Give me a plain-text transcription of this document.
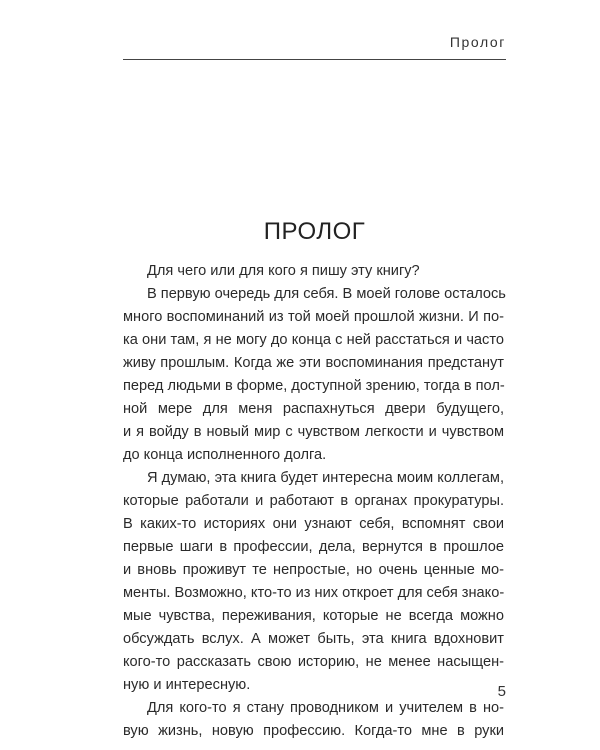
Пролог
ПРОЛОГ
Для чего или для кого я пишу эту книгу?
В первую очередь для себя. В моей голове осталось
много воспоминаний из той моей прошлой жизни. И по-
ка они там, я не могу до конца с ней расстаться и часто
живу прошлым. Когда же эти воспоминания предстанут
перед людьми в форме, доступной зрению, тогда в пол-
ной мере для меня распахнуться двери будущего,
и я войду в новый мир с чувством легкости и чувством
до конца исполненного долга.
Я думаю, эта книга будет интересна моим коллегам,
которые работали и работают в органах прокуратуры.
В каких-то историях они узнают себя, вспомнят свои
первые шаги в профессии, дела, вернутся в прошлое
и вновь проживут те непростые, но очень ценные мо-
менты. Возможно, кто-то из них откроет для себя знако-
мые чувства, переживания, которые не всегда можно
обсуждать вслух. А может быть, эта книга вдохновит
кого-то рассказать свою историю, не менее насыщен-
ную и интересную.
Для кого-то я стану проводником и учителем в но-
вую жизнь, новую профессию. Когда-то мне в руки
5
